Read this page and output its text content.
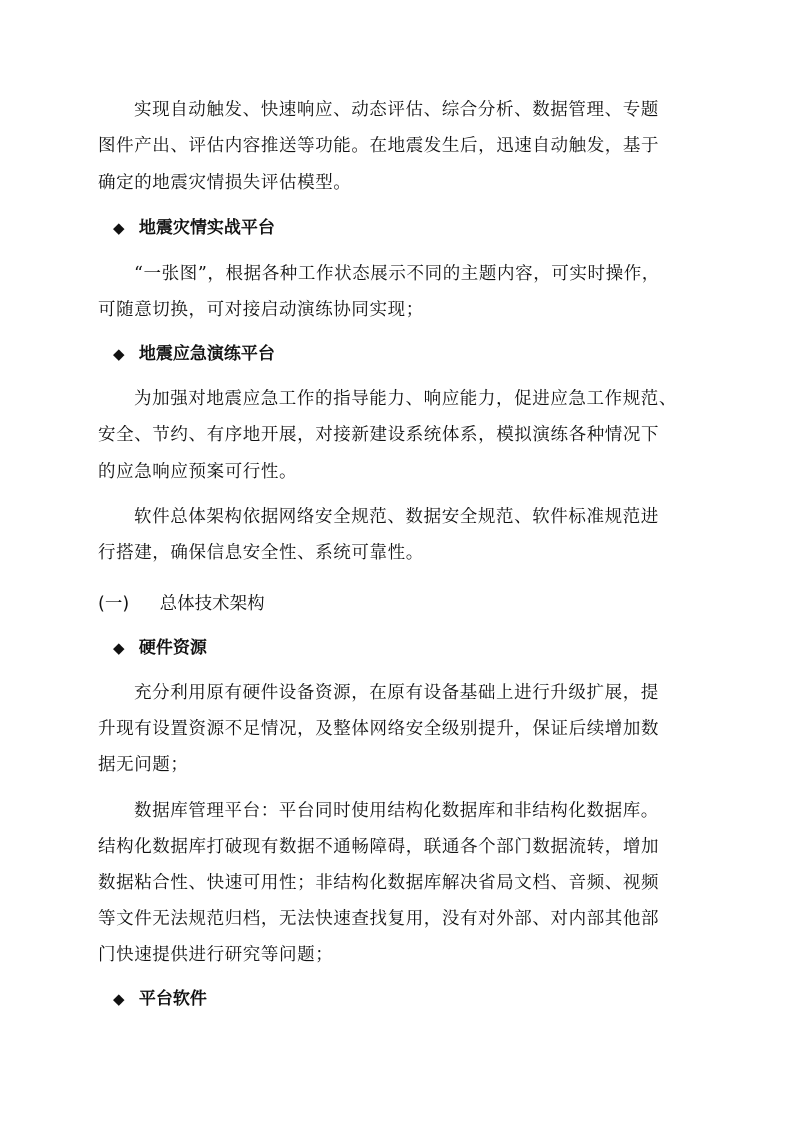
实现自动触发、快速响应、动态评估、综合分析、数据管理、专题
图件产出、评估内容推送等功能。在地震发生后，迅速自动触发，基于
确定的地震灾情损失评估模型。
◆ 地震灾情实战平台
“一张图”，根据各种工作状态展示不同的主题内容，可实时操作，
可随意切换，可对接启动演练协同实现；
◆ 地震应急演练平台
为加强对地震应急工作的指导能力、响应能力，促进应急工作规范、
安全、节约、有序地开展，对接新建设系统体系，模拟演练各种情况下
的应急响应预案可行性。
软件总体架构依据网络安全规范、数据安全规范、软件标准规范进
行搭建，确保信息安全性、系统可靠性。
(一) 总体技术架构
◆ 硬件资源
充分利用原有硬件设备资源，在原有设备基础上进行升级扩展，提
升现有设置资源不足情况，及整体网络安全级别提升，保证后续增加数
据无问题；
数据库管理平台：平台同时使用结构化数据库和非结构化数据库。
结构化数据库打破现有数据不通畅障碍，联通各个部门数据流转，增加
数据粘合性、快速可用性；非结构化数据库解决省局文档、音频、视频
等文件无法规范归档，无法快速查找复用，没有对外部、对内部其他部
门快速提供进行研究等问题；
◆ 平台软件
